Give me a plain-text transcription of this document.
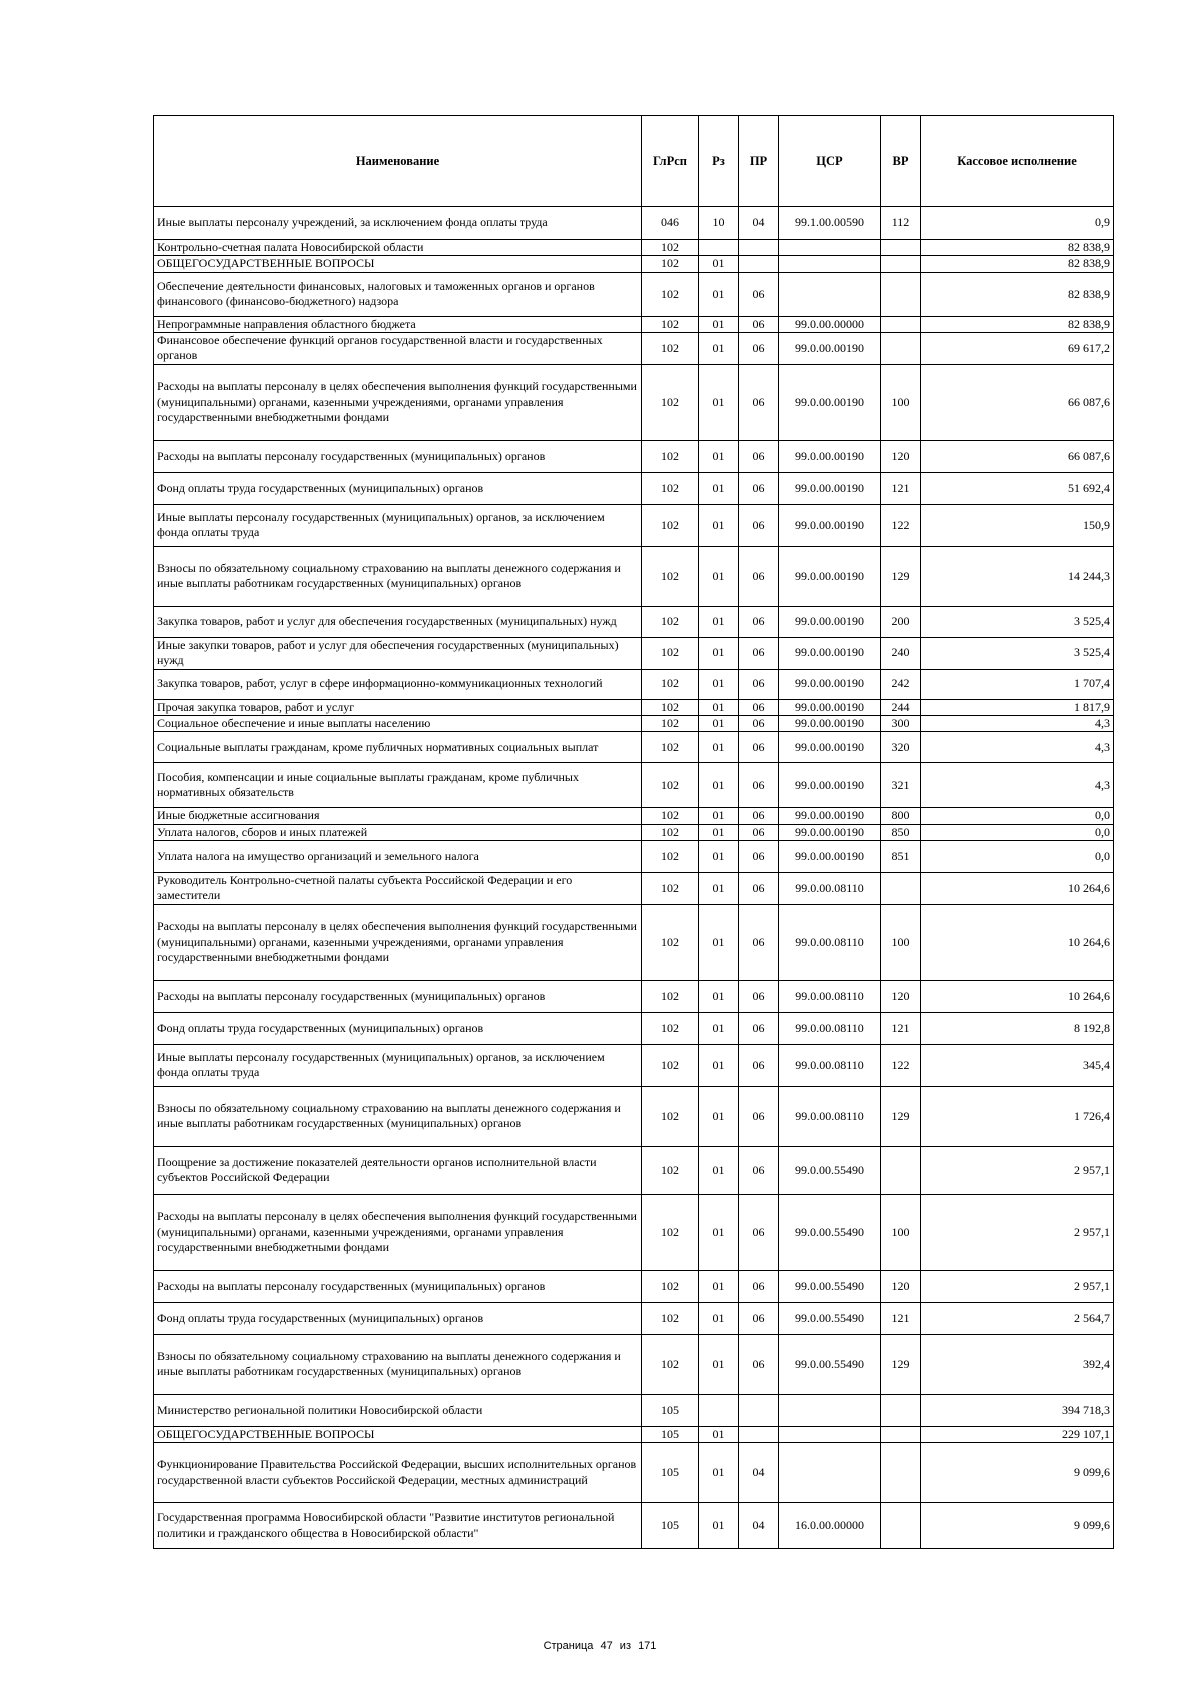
Наименование	ГлРсп	Рз	ПР	ЦСР	ВР	Кассовое исполнение
Иные выплаты персоналу учреждений, за исключением фонда оплаты труда	046	10	04	99.1.00.00590	112	0,9
Контрольно-счетная палата Новосибирской области	102					82 838,9
ОБЩЕГОСУДАРСТВЕННЫЕ ВОПРОСЫ	102	01				82 838,9
Обеспечение деятельности финансовых, налоговых и таможенных органов и органов финансового (финансово-бюджетного) надзора	102	01	06			82 838,9
Непрограммные направления областного бюджета	102	01	06	99.0.00.00000		82 838,9
Финансовое обеспечение функций органов государственной власти и государственных органов	102	01	06	99.0.00.00190		69 617,2
Расходы на выплаты персоналу в целях обеспечения выполнения функций государственными (муниципальными) органами, казенными учреждениями, органами управления государственными внебюджетными фондами	102	01	06	99.0.00.00190	100	66 087,6
Расходы на выплаты персоналу государственных (муниципальных) органов	102	01	06	99.0.00.00190	120	66 087,6
Фонд оплаты труда государственных (муниципальных) органов	102	01	06	99.0.00.00190	121	51 692,4
Иные выплаты персоналу государственных (муниципальных) органов, за исключением фонда оплаты труда	102	01	06	99.0.00.00190	122	150,9
Взносы по обязательному социальному страхованию на выплаты денежного содержания и иные выплаты работникам государственных (муниципальных) органов	102	01	06	99.0.00.00190	129	14 244,3
Закупка товаров, работ и услуг для обеспечения государственных (муниципальных) нужд	102	01	06	99.0.00.00190	200	3 525,4
Иные закупки товаров, работ и услуг для обеспечения государственных (муниципальных) нужд	102	01	06	99.0.00.00190	240	3 525,4
Закупка товаров, работ, услуг в сфере информационно-коммуникационных технологий	102	01	06	99.0.00.00190	242	1 707,4
Прочая закупка товаров, работ и услуг	102	01	06	99.0.00.00190	244	1 817,9
Социальное обеспечение и иные выплаты населению	102	01	06	99.0.00.00190	300	4,3
Социальные выплаты гражданам, кроме публичных нормативных социальных выплат	102	01	06	99.0.00.00190	320	4,3
Пособия, компенсации и иные социальные выплаты гражданам, кроме публичных нормативных обязательств	102	01	06	99.0.00.00190	321	4,3
Иные бюджетные ассигнования	102	01	06	99.0.00.00190	800	0,0
Уплата налогов, сборов и иных платежей	102	01	06	99.0.00.00190	850	0,0
Уплата налога на имущество организаций и земельного налога	102	01	06	99.0.00.00190	851	0,0
Руководитель Контрольно-счетной палаты субъекта Российской Федерации и его заместители	102	01	06	99.0.00.08110		10 264,6
Расходы на выплаты персоналу в целях обеспечения выполнения функций государственными (муниципальными) органами, казенными учреждениями, органами управления государственными внебюджетными фондами	102	01	06	99.0.00.08110	100	10 264,6
Расходы на выплаты персоналу государственных (муниципальных) органов	102	01	06	99.0.00.08110	120	10 264,6
Фонд оплаты труда государственных (муниципальных) органов	102	01	06	99.0.00.08110	121	8 192,8
Иные выплаты персоналу государственных (муниципальных) органов, за исключением фонда оплаты труда	102	01	06	99.0.00.08110	122	345,4
Взносы по обязательному социальному страхованию на выплаты денежного содержания и иные выплаты работникам государственных (муниципальных) органов	102	01	06	99.0.00.08110	129	1 726,4
Поощрение за достижение показателей деятельности органов исполнительной власти субъектов Российской Федерации	102	01	06	99.0.00.55490		2 957,1
Расходы на выплаты персоналу в целях обеспечения выполнения функций государственными (муниципальными) органами, казенными учреждениями, органами управления государственными внебюджетными фондами	102	01	06	99.0.00.55490	100	2 957,1
Расходы на выплаты персоналу государственных (муниципальных) органов	102	01	06	99.0.00.55490	120	2 957,1
Фонд оплаты труда государственных (муниципальных) органов	102	01	06	99.0.00.55490	121	2 564,7
Взносы по обязательному социальному страхованию на выплаты денежного содержания и иные выплаты работникам государственных (муниципальных) органов	102	01	06	99.0.00.55490	129	392,4
Министерство региональной политики Новосибирской области	105					394 718,3
ОБЩЕГОСУДАРСТВЕННЫЕ ВОПРОСЫ	105	01				229 107,1
Функционирование Правительства Российской Федерации, высших исполнительных органов государственной власти субъектов Российской Федерации, местных администраций	105	01	04			9 099,6
Государственная программа Новосибирской области "Развитие институтов региональной политики и гражданского общества в Новосибирской области"	105	01	04	16.0.00.00000		9 099,6
Страница 47 из 171
